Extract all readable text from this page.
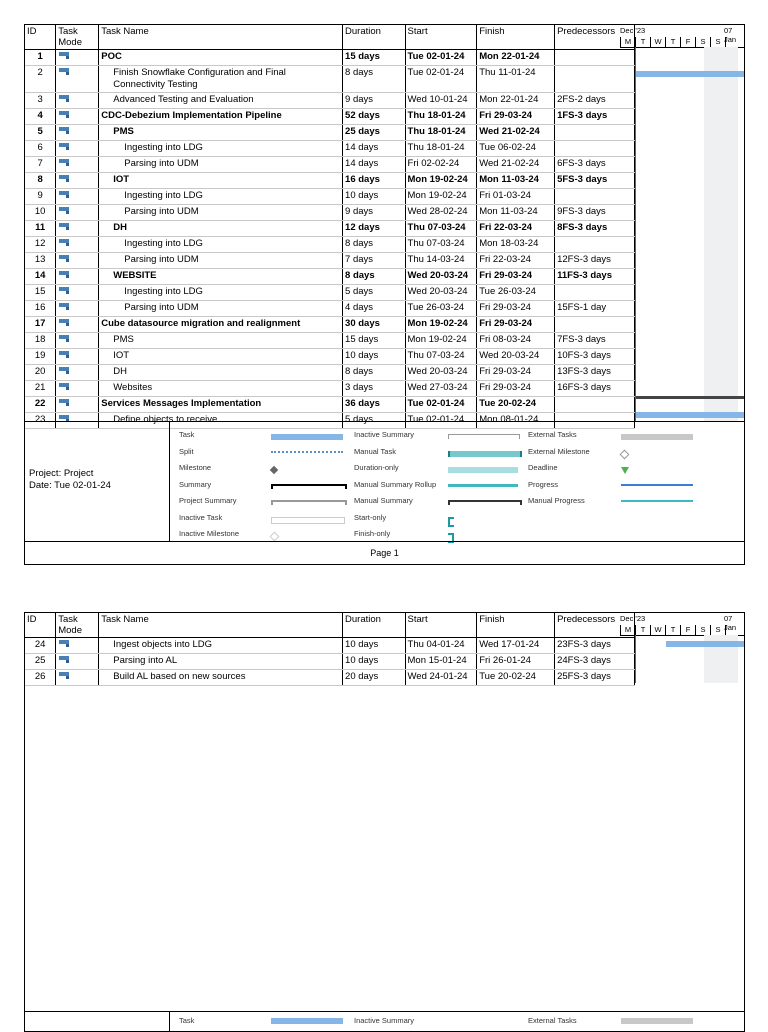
ID	Task Mode	Task Name	Duration	Start	Finish	Predecessors
1		POC	15 days	Tue 02-01-24	Mon 22-01-24	
2		Finish Snowflake Configuration and Final Connectivity Testing	8 days	Tue 02-01-24	Thu 11-01-24	
3		Advanced Testing and Evaluation	9 days	Wed 10-01-24	Mon 22-01-24	2FS-2 days
4		CDC-Debezium Implementation Pipeline	52 days	Thu 18-01-24	Fri 29-03-24	1FS-3 days
5		PMS	25 days	Thu 18-01-24	Wed 21-02-24	
6		Ingesting into LDG	14 days	Thu 18-01-24	Tue 06-02-24	
7		Parsing into UDM	14 days	Fri 02-02-24	Wed 21-02-24	6FS-3 days
8		IOT	16 days	Mon 19-02-24	Mon 11-03-24	5FS-3 days
9		Ingesting into LDG	10 days	Mon 19-02-24	Fri 01-03-24	
10		Parsing into UDM	9 days	Wed 28-02-24	Mon 11-03-24	9FS-3 days
11		DH	12 days	Thu 07-03-24	Fri 22-03-24	8FS-3 days
12		Ingesting into LDG	8 days	Thu 07-03-24	Mon 18-03-24	
13		Parsing into UDM	7 days	Thu 14-03-24	Fri 22-03-24	12FS-3 days
14		WEBSITE	8 days	Wed 20-03-24	Fri 29-03-24	11FS-3 days
15		Ingesting into LDG	5 days	Wed 20-03-24	Tue 26-03-24	
16		Parsing into UDM	4 days	Tue 26-03-24	Fri 29-03-24	15FS-1 day
17		Cube datasource migration and realignment	30 days	Mon 19-02-24	Fri 29-03-24	
18		PMS	15 days	Mon 19-02-24	Fri 08-03-24	7FS-3 days
19		IOT	10 days	Thu 07-03-24	Wed 20-03-24	10FS-3 days
20		DH	8 days	Wed 20-03-24	Fri 29-03-24	13FS-3 days
21		Websites	3 days	Wed 27-03-24	Fri 29-03-24	16FS-3 days
22		Services Messages Implementation	36 days	Tue 02-01-24	Tue 20-02-24	
23		Define objects to receive	5 days	Tue 02-01-24	Mon 08-01-24	
Dec '23	07 Jan
M	T	W	T	F	S	S
Project: Project
Date: Tue 02-01-24
Task
Split
Milestone
Summary
Project Summary
Inactive Task
Inactive Milestone
Inactive Summary
Manual Task
Duration-only
Manual Summary Rollup
Manual Summary
Start-only
Finish-only
External Tasks
External Milestone
Deadline
Progress
Manual Progress
Page 1
ID	Task Mode	Task Name	Duration	Start	Finish	Predecessors
24		Ingest objects into LDG	10 days	Thu 04-01-24	Wed 17-01-24	23FS-3 days
25		Parsing into AL	10 days	Mon 15-01-24	Fri 26-01-24	24FS-3 days
26		Build AL based on new sources	20 days	Wed 24-01-24	Tue 20-02-24	25FS-3 days
Dec '23	07 Jan
M	T	W	T	F	S	S
Task	Inactive Summary	External Tasks
